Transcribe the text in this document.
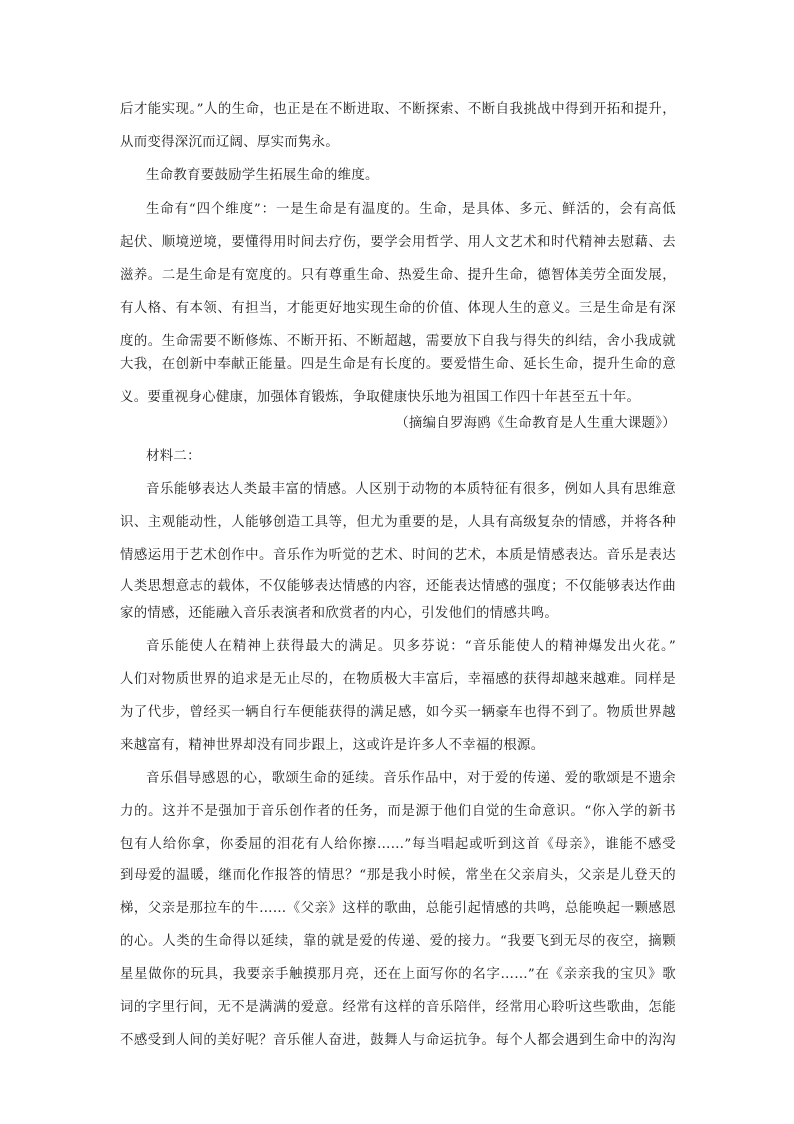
后才能实现。”人的生命，也正是在不断进取、不断探索、不断自我挑战中得到开拓和提升，
从而变得深沉而辽阔、厚实而隽永。
生命教育要鼓励学生拓展生命的维度。
生命有“四个维度”：一是生命是有温度的。生命，是具体、多元、鲜活的，会有高低
起伏、顺境逆境，要懂得用时间去疗伤，要学会用哲学、用人文艺术和时代精神去慰藉、去
滋养。二是生命是有宽度的。只有尊重生命、热爱生命、提升生命，德智体美劳全面发展，
有人格、有本领、有担当，才能更好地实现生命的价值、体现人生的意义。三是生命是有深
度的。生命需要不断修炼、不断开拓、不断超越，需要放下自我与得失的纠结，舍小我成就
大我，在创新中奉献正能量。四是生命是有长度的。要爱惜生命、延长生命，提升生命的意
义。要重视身心健康，加强体育锻炼，争取健康快乐地为祖国工作四十年甚至五十年。
（摘编自罗海鸥《生命教育是人生重大课题》）
材料二：
音乐能够表达人类最丰富的情感。人区别于动物的本质特征有很多，例如人具有思维意
识、主观能动性，人能够创造工具等，但尤为重要的是，人具有高级复杂的情感，并将各种
情感运用于艺术创作中。音乐作为听觉的艺术、时间的艺术，本质是情感表达。音乐是表达
人类思想意志的载体，不仅能够表达情感的内容，还能表达情感的强度；不仅能够表达作曲
家的情感，还能融入音乐表演者和欣赏者的内心，引发他们的情感共鸣。
音乐能使人在精神上获得最大的满足。贝多芬说：“音乐能使人的精神爆发出火花。”
人们对物质世界的追求是无止尽的，在物质极大丰富后，幸福感的获得却越来越难。同样是
为了代步，曾经买一辆自行车便能获得的满足感，如今买一辆豪车也得不到了。物质世界越
来越富有，精神世界却没有同步跟上，这或许是许多人不幸福的根源。
音乐倡导感恩的心，歌颂生命的延续。音乐作品中，对于爱的传递、爱的歌颂是不遗余
力的。这并不是强加于音乐创作者的任务，而是源于他们自觉的生命意识。“你入学的新书
包有人给你拿，你委屈的泪花有人给你擦……”每当唱起或听到这首《母亲》，谁能不感受
到母爱的温暖，继而化作报答的情思？“那是我小时候，常坐在父亲肩头，父亲是儿登天的
梯，父亲是那拉车的牛……《父亲》这样的歌曲，总能引起情感的共鸣，总能唤起一颗感恩
的心。人类的生命得以延续，靠的就是爱的传递、爱的接力。“我要飞到无尽的夜空，摘颗
星星做你的玩具，我要亲手触摸那月亮，还在上面写你的名字……”在《亲亲我的宝贝》歌
词的字里行间，无不是满满的爱意。经常有这样的音乐陪伴，经常用心聆听这些歌曲，怎能
不感受到人间的美好呢？音乐催人奋进，鼓舞人与命运抗争。每个人都会遇到生命中的沟沟
